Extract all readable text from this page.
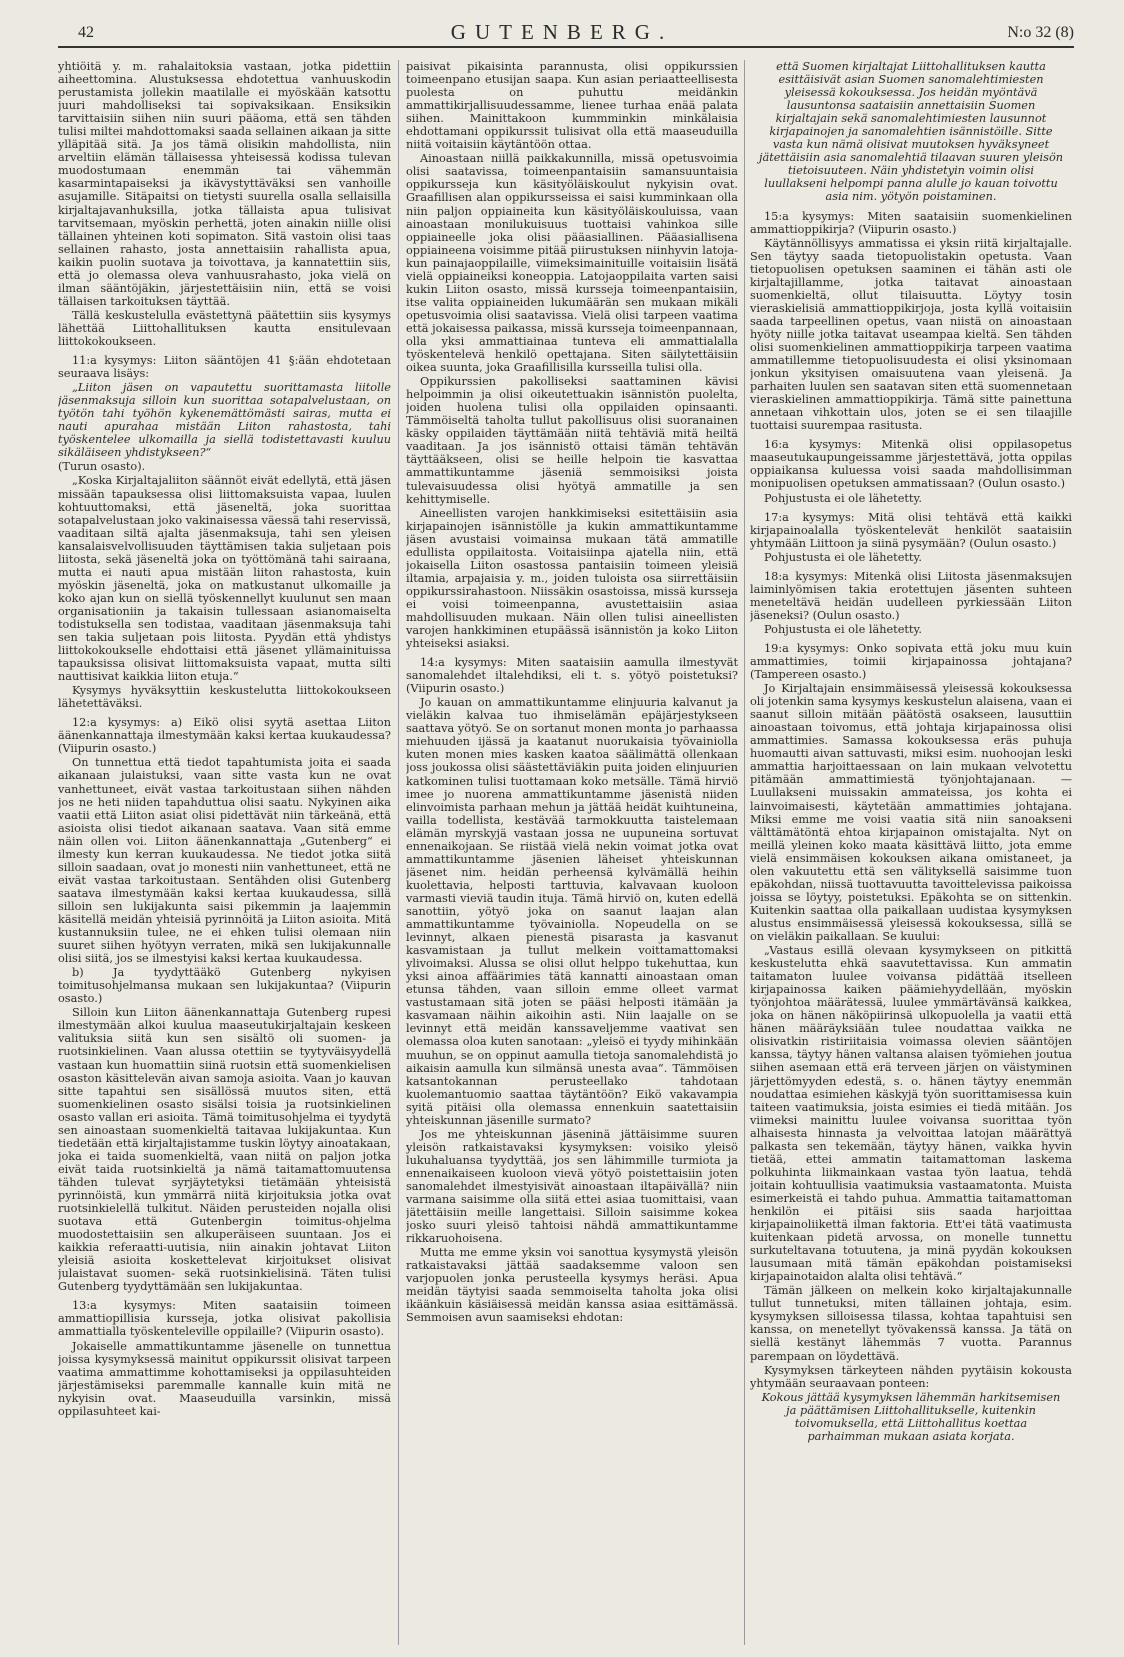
42	GUTENBERG.	N:o 32 (8)

yhtiöitä y. m. rahalaitoksia vastaan, jotka pidettiin aiheettomina. Alustuksessa ehdotettua vanhuuskodin perustamista jollekin maatilalle ei myöskään katsottu juuri mahdolliseksi tai sopivaksikaan. Ensiksikin tarvittaisiin siihen niin suuri pääoma, että sen tähden tulisi miltei mahdottomaksi saada sellainen aikaan ja sitte ylläpitää sitä. Ja jos tämä olisikin mahdollista, niin arveltiin elämän tällaisessa yhteisessä kodissa tulevan muodostumaan enemmän tai vähemmän kasarmintapaiseksi ja ikävystyttäväksi sen vanhoille asujamille. Sitäpaitsi on tietysti suurella osalla sellaisilla kirjaltajavanhuksilla, jotka tällaista apua tulisivat tarvitsemaan, myöskin perhettä, joten ainakin niille olisi tällainen yhteinen koti sopimaton. Sitä vastoin olisi taas sellainen rahasto, josta annettaisiin rahallista apua, kaikin puolin suotava ja toivottava, ja kannatettiin siis, että jo olemassa oleva vanhuusrahasto, joka vielä on ilman sääntöjäkin, järjestettäisiin niin, että se voisi tällaisen tarkoituksen täyttää.

Tällä keskustelulla evästettynä päätettiin siis kysymys lähettää Liittohallituksen kautta ensitulevaan liittokokoukseen.

11:a kysymys: Liiton sääntöjen 41 §:ään ehdotetaan seuraava lisäys:

„Liiton jäsen on vapautettu suorittamasta liitolle jäsenmaksuja silloin kun suorittaa sotapalvelustaan, on työtön tahi työhön kykenemättömästi sairas, mutta ei nauti apurahaa mistään Liiton rahastosta, tahi työskentelee ulkomailla ja siellä todistettavasti kuuluu sikäläiseen yhdistykseen?“

(Turun osasto).

„Koska Kirjaltajaliiton säännöt eivät edellytä, että jäsen missään tapauksessa olisi liittomaksuista vapaa, luulen kohtuuttomaksi, että jäseneltä, joka suorittaa sotapalvelustaan joko vakinaisessa väessä tahi reservissä, vaaditaan siltä ajalta jäsenmaksuja, tahi sen yleisen kansalaisvelvollisuuden täyttämisen takia suljetaan pois liitosta, sekä jäseneltä joka on työttömänä tahi sairaana, mutta ei nauti apua mistään liiton rahastosta, kuin myöskin jäseneltä, joka on matkustanut ulkomaille ja koko ajan kun on siellä työskennellyt kuulunut sen maan organisationiin ja takaisin tullessaan asianomaiselta todistuksella sen todistaa, vaaditaan jäsenmaksuja tahi sen takia suljetaan pois liitosta. Pyydän että yhdistys liittokokoukselle ehdottaisi että jäsenet yllämainituissa tapauksissa olisivat liittomaksuista vapaat, mutta silti nauttisivat kaikkia liiton etuja.“

Kysymys hyväksyttiin keskustelutta liittokokoukseen lähetettäväksi.

12:a kysymys: a) Eikö olisi syytä asettaa Liiton äänenkannattaja ilmestymään kaksi kertaa kuukaudessa? (Viipurin osasto.)

On tunnettua että tiedot tapahtumista joita ei saada aikanaan julaistuksi, vaan sitte vasta kun ne ovat vanhettuneet, eivät vastaa tarkoitustaan siihen nähden jos ne heti niiden tapahduttua olisi saatu. Nykyinen aika vaatii että Liiton asiat olisi pidettävät niin tärkeänä, että asioista olisi tiedot aikanaan saatava. Vaan sitä emme näin ollen voi. Liiton äänenkannattaja „Gutenberg“ ei ilmesty kun kerran kuukaudessa. Ne tiedot jotka siitä silloin saadaan, ovat jo monesti niin vanhettuneet, että ne eivät vastaa tarkoitustaan. Sentähden olisi Gutenberg saatava ilmestymään kaksi kertaa kuukaudessa, sillä silloin sen lukijakunta saisi pikemmin ja laajemmin käsitellä meidän yhteisiä pyrinnöitä ja Liiton asioita. Mitä kustannuksiin tulee, ne ei ehken tulisi olemaan niin suuret siihen hyötyyn verraten, mikä sen lukijakunnalle olisi siitä, jos se ilmestyisi kaksi kertaa kuukaudessa.

b) Ja tyydyttääkö Gutenberg nykyisen toimitusohjelmansa mukaan sen lukijakuntaa? (Viipurin osasto.)

Silloin kun Liiton äänenkannattaja Gutenberg rupesi ilmestymään alkoi kuulua maaseutukirjaltajain keskeen valituksia siitä kun sen sisältö oli suomen- ja ruotsinkielinen. Vaan alussa otettiin se tyytyväisyydellä vastaan kun huomattiin siinä ruotsin että suomenkielisen osaston käsittelevän aivan samoja asioita. Vaan jo kauvan sitte tapahtui sen sisällössä muutos siten, että suomenkielinen osasto sisälsi toisia ja ruotsinkielinen osasto vallan eri asioita. Tämä toimitusohjelma ei tyydytä sen ainoastaan suomenkieltä taitavaa lukijakuntaa. Kun tiedetään että kirjaltajistamme tuskin löytyy ainoatakaan, joka ei taida suomenkieltä, vaan niitä on paljon jotka eivät taida ruotsinkieltä ja nämä taitamattomuutensa tähden tulevat syrjäytetyksi tietämään yhteisistä pyrinnöistä, kun ymmärrä niitä kirjoituksia jotka ovat ruotsinkielellä tulkitut. Näiden perusteiden nojalla olisi suotava että Gutenbergin toimitus-ohjelma muodostettaisiin sen alkuperäiseen suuntaan. Jos ei kaikkia referaatti-uutisia, niin ainakin johtavat Liiton yleisiä asioita koskettelevat kirjoitukset olisivat julaistavat suomen- sekä ruotsinkielisinä. Täten tulisi Gutenberg tyydyttämään sen lukijakuntaa.

13:a kysymys: Miten saataisiin toimeen ammattiopillisia kursseja, jotka olisivat pakollisia ammattialla työskenteleville oppilaille? (Viipurin osasto).

Jokaiselle ammattikuntamme jäsenelle on tunnettua joissa kysymyksessä mainitut oppikurssit olisivat tarpeen vaatima ammattimme kohottamiseksi ja oppilasuhteiden järjestämiseksi paremmalle kannalle kuin mitä ne nykyisin ovat. Maaseuduilla varsinkin, missä oppilasuhteet kai-

paisivat pikaisinta parannusta, olisi oppikurssien toimeenpano etusijan saapa. Kun asian periaatteellisesta puolesta on puhuttu meidänkin ammattikirjallisuudessamme, lienee turhaa enää palata siihen. Mainittakoon kummminkin minkälaisia ehdottamani oppikurssit tulisivat olla että maaseuduilla niitä voitaisiin käytäntöön ottaa.

Ainoastaan niillä paikkakunnilla, missä opetusvoimia olisi saatavissa, toimeenpantaisiin samansuuntaisia oppikursseja kun käsityöläiskoulut nykyisin ovat. Graafillisen alan oppikursseissa ei saisi kumminkaan olla niin paljon oppiaineita kun käsityöläiskouluissa, vaan ainoastaan monilukuisuus tuottaisi vahinkoa sille oppiaineelle joka olisi pääasiallinen. Pääasiallisena oppiaineena voisimme pitää piirustuksen niinhyvin latoja- kun painajaoppilaille, viimeksimainituille voitaisiin lisätä vielä oppiaineiksi koneoppia. Latojaoppilaita varten saisi kukin Liiton osasto, missä kursseja toimeenpantaisiin, itse valita oppiaineiden lukumäärän sen mukaan mikäli opetusvoimia olisi saatavissa. Vielä olisi tarpeen vaatima että jokaisessa paikassa, missä kursseja toimeenpannaan, olla yksi ammattiainaa tunteva eli ammattialalla työskentelevä henkilö opettajana. Siten säilytettäisiin oikea suunta, joka Graafillisilla kursseilla tulisi olla.

Oppikurssien pakolliseksi saattaminen kävisi helpoimmin ja olisi oikeutettuakin isännistön puolelta, joiden huolena tulisi olla oppilaiden opinsaanti. Tämmöiseltä taholta tullut pakollisuus olisi suoranainen käsky oppilaiden täyttämään niitä tehtäviä mitä heiltä vaaditaan. Ja jos isännistö ottaisi tämän tehtävän täyttääkseen, olisi se heille helpoin tie kasvattaa ammattikuntamme jäseniä semmoisiksi joista tulevaisuudessa olisi hyötyä ammatille ja sen kehittymiselle.

Aineellisten varojen hankkimiseksi esitettäisiin asia kirjapainojen isännistölle ja kukin ammattikuntamme jäsen avustaisi voimainsa mukaan tätä ammatille edullista oppilaitosta. Voitaisiinpa ajatella niin, että jokaisella Liiton osastossa pantaisiin toimeen yleisiä iltamia, arpajaisia y. m., joiden tuloista osa siirrettäisiin oppikurssirahastoon. Niissäkin osastoissa, missä kursseja ei voisi toimeenpanna, avustettaisiin asiaa mahdollisuuden mukaan. Näin ollen tulisi aineellisten varojen hankkiminen etupäässä isännistön ja koko Liiton yhteiseksi asiaksi.

14:a kysymys: Miten saataisiin aamulla ilmestyvät sanomalehdet iltalehdiksi, eli t. s. yötyö poistetuksi? (Viipurin osasto.)

Jo kauan on ammattikuntamme elinjuuria kalvanut ja vieläkin kalvaa tuo ihmiselämän epäjärjestykseen saattava yötyö. Se on sortanut monen monta jo parhaassa miehuuden ijässä ja kaatanut nuorukaisia työvainiolla kuten monen mies kasken kaatoa säälimättä ollenkaan joss joukossa olisi säästettäviäkin puita joiden elinjuurien katkominen tulisi tuottamaan koko metsälle. Tämä hirviö imee jo nuorena ammattikuntamme jäsenistä niiden elinvoimista parhaan mehun ja jättää heidät kuihtuneina, vailla todellista, kestävää tarmokkuutta taistelemaan elämän myrskyjä vastaan jossa ne uupuneina sortuvat ennenaikojaan. Se riistää vielä nekin voimat jotka ovat ammattikuntamme jäsenien läheiset yhteiskunnan jäsenet nim. heidän perheensä kylvämällä heihin kuolettavia, helposti tarttuvia, kalvavaan kuoloon varmasti vieviä taudin ituja. Tämä hirviö on, kuten edellä sanottiin, yötyö joka on saanut laajan alan ammattikuntamme työvainiolla. Nopeudella on se levinnyt, alkaen pienestä pisarasta ja kasvanut kasvamistaan ja tullut melkein voittamattomaksi ylivoimaksi. Alussa se olisi ollut helppo tukehuttaa, kun yksi ainoa affäärimies tätä kannatti ainoastaan oman etunsa tähden, vaan silloin emme olleet varmat vastustamaan sitä joten se pääsi helposti itämään ja kasvamaan näihin aikoihin asti. Niin laajalle on se levinnyt että meidän kanssaveljemme vaativat sen olemassa oloa kuten sanotaan: „yleisö ei tyydy mihinkään muuhun, se on oppinut aamulla tietoja sanomalehdistä jo aikaisin aamulla kun silmänsä unesta avaa“. Tämmöisen katsantokannan perusteellako tahdotaan kuolemantuomio saattaa täytäntöön? Eikö vakavampia syitä pitäisi olla olemassa ennenkuin saatettaisiin yhteiskunnan jäsenille surmato?

Jos me yhteiskunnan jäseninä jättäisimme suuren yleisön ratkaistavaksi kysymyksen: voisiko yleisö lukuhaluansa tyydyttää, jos sen lähimmille turmiota ja ennenaikaiseen kuoloon vievä yötyö poistettaisiin joten sanomalehdet ilmestyisivät ainoastaan iltapäivällä? niin varmana saisimme olla siitä ettei asiaa tuomittaisi, vaan jätettäisiin meille langettaisi. Silloin saisimme kokea josko suuri yleisö tahtoisi nähdä ammattikuntamme rikkaruohoisena.

Mutta me emme yksin voi sanottua kysymystä yleisön ratkaistavaksi jättää saadaksemme valoon sen varjopuolen jonka perusteella kysymys heräsi. Apua meidän täytyisi saada semmoiselta taholta joka olisi ikäänkuin käsiäisessä meidän kanssa asiaa esittämässä. Semmoisen avun saamiseksi ehdotan:

että Suomen kirjaltajat Liittohallituksen kautta esittäisivät asian Suomen sanomalehtimiesten yleisessä kokouksessa. Jos heidän myöntävä lausuntonsa saataisiin annettaisiin Suomen kirjaltajain sekä sanomalehtimiesten lausunnot kirjapainojen ja sanomalehtien isännistöille. Sitte vasta kun nämä olisivat muutoksen hyväksyneet jätettäisiin asia sanomalehtiä tilaavan suuren yleisön tietoisuuteen. Näin yhdistetyin voimin olisi luullakseni helpompi panna alulle jo kauan toivottu asia nim. yötyön poistaminen.

15:a kysymys: Miten saataisiin suomenkielinen ammattioppikirja? (Viipurin osasto.)

Käytännöllisyys ammatissa ei yksin riitä kirjaltajalle. Sen täytyy saada tietopuolistakin opetusta. Vaan tietopuolisen opetuksen saaminen ei tähän asti ole kirjaltajillamme, jotka taitavat ainoastaan suomenkieltä, ollut tilaisuutta. Löytyy tosin vieraskielisiä ammattioppikirjoja, josta kyllä voitaisiin saada tarpeellinen opetus, vaan niistä on ainoastaan hyöty niille jotka taitavat useampaa kieltä. Sen tähden olisi suomenkielinen ammattioppikirja tarpeen vaatima ammatillemme tietopuolisuudesta ei olisi yksinomaan jonkun yksityisen omaisuutena vaan yleisenä. Ja parhaiten luulen sen saatavan siten että suomennetaan vieraskielinen ammattioppikirja. Tämä sitte painettuna annetaan vihkottain ulos, joten se ei sen tilaajille tuottaisi suurempaa rasitusta.

16:a kysymys: Mitenkä olisi oppilasopetus maaseutukaupungeissamme järjestettävä, jotta oppilas oppiaikansa kuluessa voisi saada mahdollisimman monipuolisen opetuksen ammatissaan? (Oulun osasto.)

Pohjustusta ei ole lähetetty.

17:a kysymys: Mitä olisi tehtävä että kaikki kirjapainoalalla työskentelevät henkilöt saataisiin yhtymään Liittoon ja siinä pysymään? (Oulun osasto.)

Pohjustusta ei ole lähetetty.

18:a kysymys: Mitenkä olisi Liitosta jäsenmaksujen laiminlyömisen takia erotettujen jäsenten suhteen meneteltävä heidän uudelleen pyrkiessään Liiton jäseneksi? (Oulun osasto.)

Pohjustusta ei ole lähetetty.

19:a kysymys: Onko sopivata että joku muu kuin ammattimies, toimii kirjapainossa johtajana? (Tampereen osasto.)

Jo Kirjaltajain ensimmäisessä yleisessä kokouksessa oli jotenkin sama kysymys keskustelun alaisena, vaan ei saanut silloin mitään päätöstä osakseen, lausuttiin ainoastaan toivomus, että johtaja kirjapainossa olisi ammattimies. Samassa kokouksessa eräs puhuja huomautti aivan sattuvasti, miksi esim. nuohoojan leski ammattia harjoittaessaan on lain mukaan velvotettu pitämään ammattimiestä työnjohtajanaan. — Luullakseni muissakin ammateissa, jos kohta ei lainvoimaisesti, käytetään ammattimies johtajana. Miksi emme me voisi vaatia sitä niin sanoakseni välttämätöntä ehtoa kirjapainon omistajalta. Nyt on meillä yleinen koko maata käsittävä liitto, jota emme vielä ensimmäisen kokouksen aikana omistaneet, ja olen vakuutettu että sen välityksellä saisimme tuon epäkohdan, niissä tuottavuutta tavoittelevissa paikoissa joissa se löytyy, poistetuksi. Epäkohta se on sittenkin. Kuitenkin saattaa olla paikallaan uudistaa kysymyksen alustus ensimmäisessä yleisessä kokouksessa, sillä se on vieläkin paikallaan. Se kuului:

„Vastaus esillä olevaan kysymykseen on pitkittä keskustelutta ehkä saavutettavissa. Kun ammatin taitamaton luulee voivansa pidättää itselleen kirjapainossa kaiken päämiehyydellään, myöskin työnjohtoa määrätessä, luulee ymmärtävänsä kaikkea, joka on hänen näköpiirinsä ulkopuolella ja vaatii että hänen määräyksiään tulee noudattaa vaikka ne olisivatkin ristiriitaisia voimassa olevien sääntöjen kanssa, täytyy hänen valtansa alaisen työmiehen joutua siihen asemaan että erä terveen järjen on väistyminen järjettömyyden edestä, s. o. hänen täytyy enemmän noudattaa esimiehen käskyjä työn suorittamisessa kuin taiteen vaatimuksia, joista esimies ei tiedä mitään. Jos viimeksi mainittu luulee voivansa suorittaa työn alhaisesta hinnasta ja velvoittaa latojan määrättyä palkasta sen tekemään, täytyy hänen, vaikka hyvin tietää, ettei ammatin taitamattoman laskema polkuhinta liikmainkaan vastaa työn laatua, tehdä joitain kohtuullisia vaatimuksia vastaamatonta. Muista esimerkeistä ei tahdo puhua. Ammattia taitamattoman henkilön ei pitäisi siis saada harjoittaa kirjapainoliikettä ilman faktoria. Ett'ei tätä vaatimusta kuitenkaan pidetä arvossa, on monelle tunnettu surkuteltavana totuutena, ja minä pyydän kokouksen lausumaan mitä tämän epäkohdan poistamiseksi kirjapainotaidon alalta olisi tehtävä.“

Tämän jälkeen on melkein koko kirjaltajakunnalle tullut tunnetuksi, miten tällainen johtaja, esim. kysymyksen silloisessa tilassa, kohtaa tapahtuisi sen kanssa, on menetellyt työvakenssä kanssa. Ja tätä on siellä kestänyt lähemmäs 7 vuotta. Parannus parempaan on löydettävä.

Kysymyksen tärkeyteen nähden pyytäisin kokousta yhtymään seuraavaan ponteen:

Kokous jättää kysymyksen lähemmän harkitsemisen ja päättämisen Liittohallitukselle, kuitenkin toivomuksella, että Liittohallitus koettaa parhaimman mukaan asiata korjata.
